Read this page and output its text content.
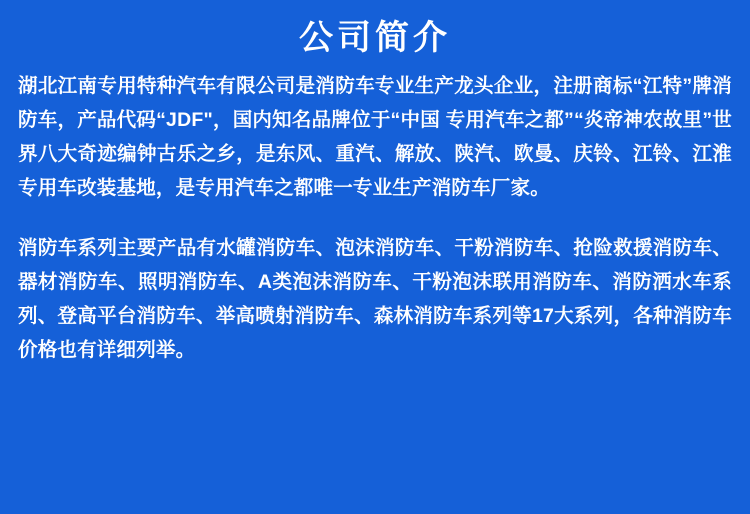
公司简介

湖北江南专用特种汽车有限公司是消防车专业生产龙头企业，注册商标“江特”牌消防车，产品代码“JDF"，国内知名品牌位于“中国 专用汽车之都”“炎帝神农故里”世界八大奇迹编钟古乐之乡，是东风、重汽、解放、陕汽、欧曼、庆铃、江铃、江淮专用车改装基地，是专用汽车之都唯一专业生产消防车厂家。

消防车系列主要产品有水罐消防车、泡沫消防车、干粉消防车、抢险救援消防车、器材消防车、照明消防车、A类泡沫消防车、干粉泡沫联用消防车、消防洒水车系列、登高平台消防车、举高喷射消防车、森林消防车系列等17大系列，各种消防车价格也有详细列举。
